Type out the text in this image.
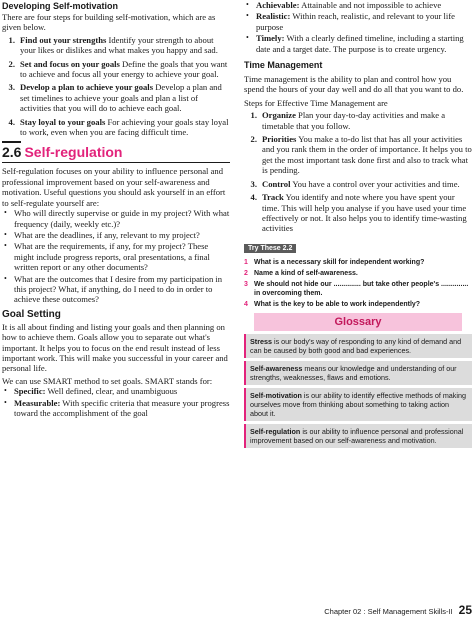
Developing Self-motivation

There are four steps for building self-motivation, which are as given below.

1. Find out your strengths Identify your strength to about your likes or dislikes and what makes you happy and sad.
2. Set and focus on your goals Define the goals that you want to achieve and focus all your energy to achieve your goal.
3. Develop a plan to achieve your goals Develop a plan and set timelines to achieve your goals and plan a list of activities that you will do to achieve each goal.
4. Stay loyal to your goals For achieving your goals stay loyal to work, even when you are facing difficult time.
2.6 Self-regulation

Self-regulation focuses on your ability to influence personal and professional improvement based on your self-awareness and motivation. Useful questions you should ask yourself in an effort to self-regulate yourself are:

• Who will directly supervise or guide in my project? With what frequency (daily, weekly etc.)?
• What are the deadlines, if any, relevant to my project?
• What are the requirements, if any, for my project? These might include progress reports, oral presentations, a final written report or any other documents?
• What are the outcomes that I desire from my participation in this project? What, if anything, do I need to do in order to achieve these outcomes?
Goal Setting

It is all about finding and listing your goals and then planning on how to achieve them. Goals allow you to separate out what's important. It helps you to focus on the end result instead of less important work. This will make you successful in your career and personal life.

We can use SMART method to set goals. SMART stands for:

• Specific: Well defined, clear, and unambiguous
• Measurable: With specific criteria that measure your progress toward the accomplishment of the goal
• Achievable: Attainable and not impossible to achieve
• Realistic: Within reach, realistic, and relevant to your life purpose
• Timely: With a clearly defined timeline, including a starting date and a target date. The purpose is to create urgency.
Time Management

Time management is the ability to plan and control how you spend the hours of your day well and do all that you want to do.

Steps for Effective Time Management are

1. Organize Plan your day-to-day activities and make a timetable that you follow.
2. Priorities You make a to-do list that has all your activities and you rank them in the order of importance. It helps you to get the most important task done first and also to track what is pending.
3. Control You have a control over your activities and time.
4. Track You identify and note where you have spent your time. This will help you analyse if you have used your time effectively or not. It also helps you to identify time-wasting activities
Try These 2.2
1 What is a necessary skill for independent working?
2 Name a kind of self-awareness.
3 We should not hide our .............. but take other people's .............. in overcoming them.
4 What is the key to be able to work independently?
Glossary
Stress is our body's way of responding to any kind of demand and can be caused by both good and bad experiences.
Self-awareness means our knowledge and understanding of our strengths, weaknesses, flaws and emotions.
Self-motivation is our ability to identify effective methods of making ourselves move from thinking about something to taking action about it.
Self-regulation is our ability to influence personal and professional improvement based on our self-awareness and motivation.
Chapter 02 : Self Management Skills-II 25
